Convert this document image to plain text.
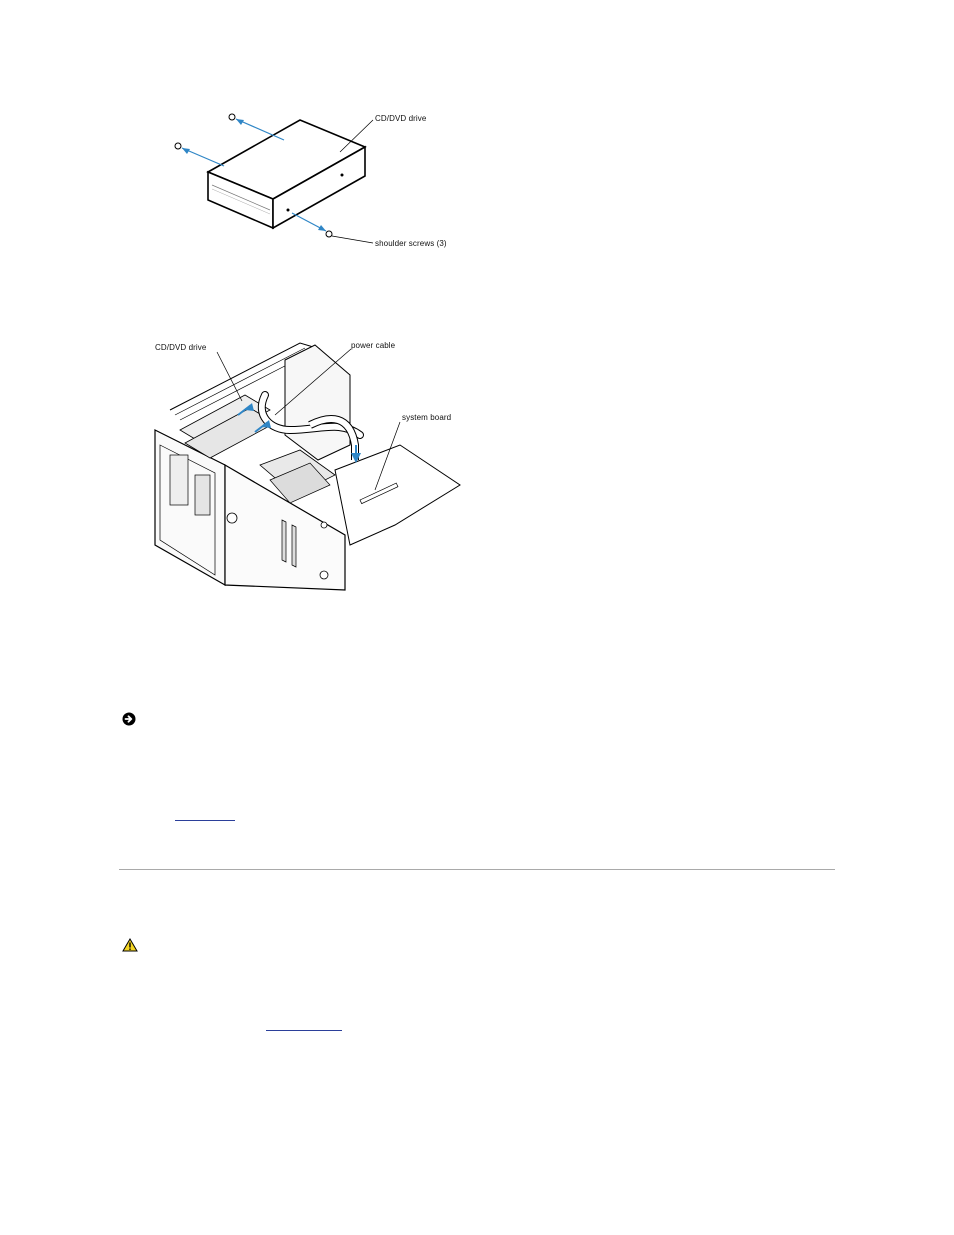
CD/DVD drive
shoulder screws (3)
CD/DVD drive	power cable
system board
